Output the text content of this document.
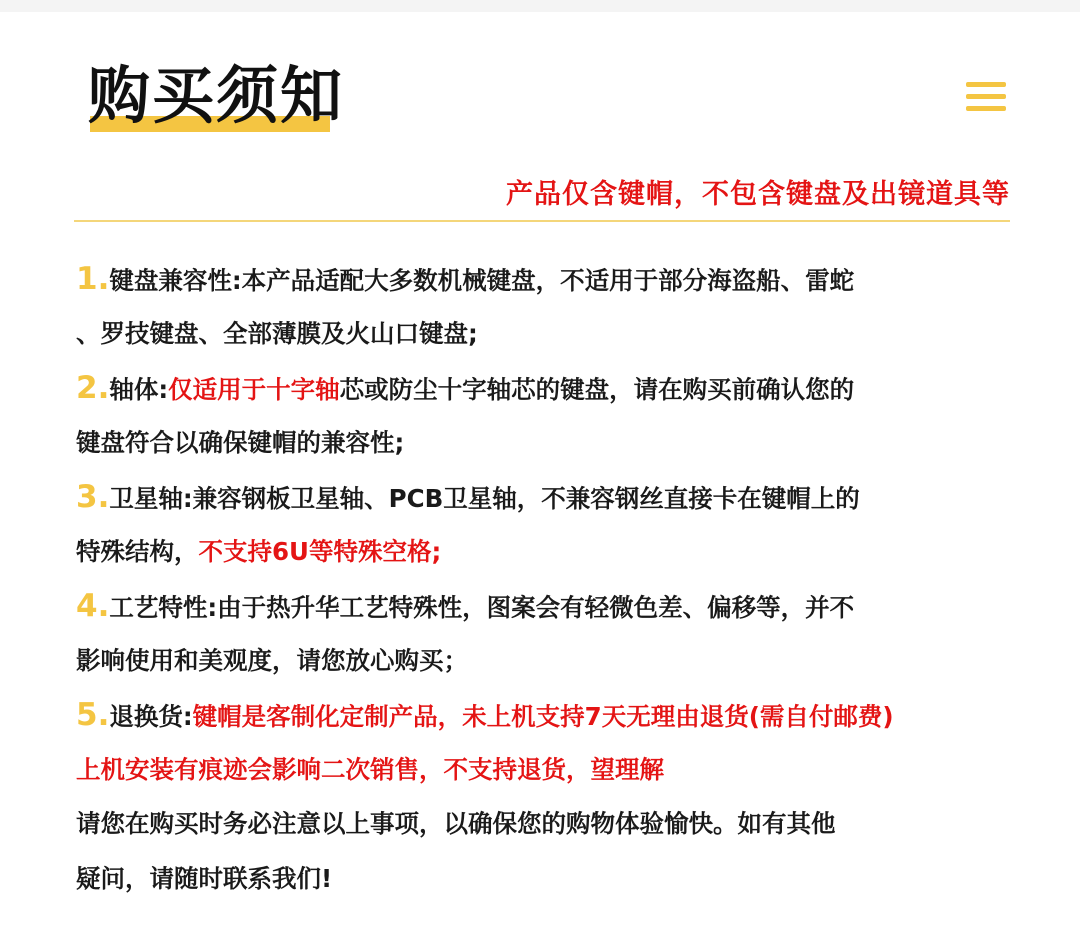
购买须知
产品仅含键帽，不包含键盘及出镜道具等
1.键盘兼容性:本产品适配大多数机械键盘，不适用于部分海盗船、雷蛇
、罗技键盘、全部薄膜及火山口键盘;
2.轴体:仅适用于十字轴芯或防尘十字轴芯的键盘，请在购买前确认您的
键盘符合以确保键帽的兼容性;
3.卫星轴:兼容钢板卫星轴、PCB卫星轴，不兼容钢丝直接卡在键帽上的
特殊结构，不支持6U等特殊空格;
4.工艺特性:由于热升华工艺特殊性，图案会有轻微色差、偏移等，并不
影响使用和美观度，请您放心购买；
5.退换货:键帽是客制化定制产品，未上机支持7天无理由退货(需自付邮费)
上机安装有痕迹会影响二次销售，不支持退货，望理解
请您在购买时务必注意以上事项，以确保您的购物体验愉快。如有其他
疑问，请随时联系我们!
